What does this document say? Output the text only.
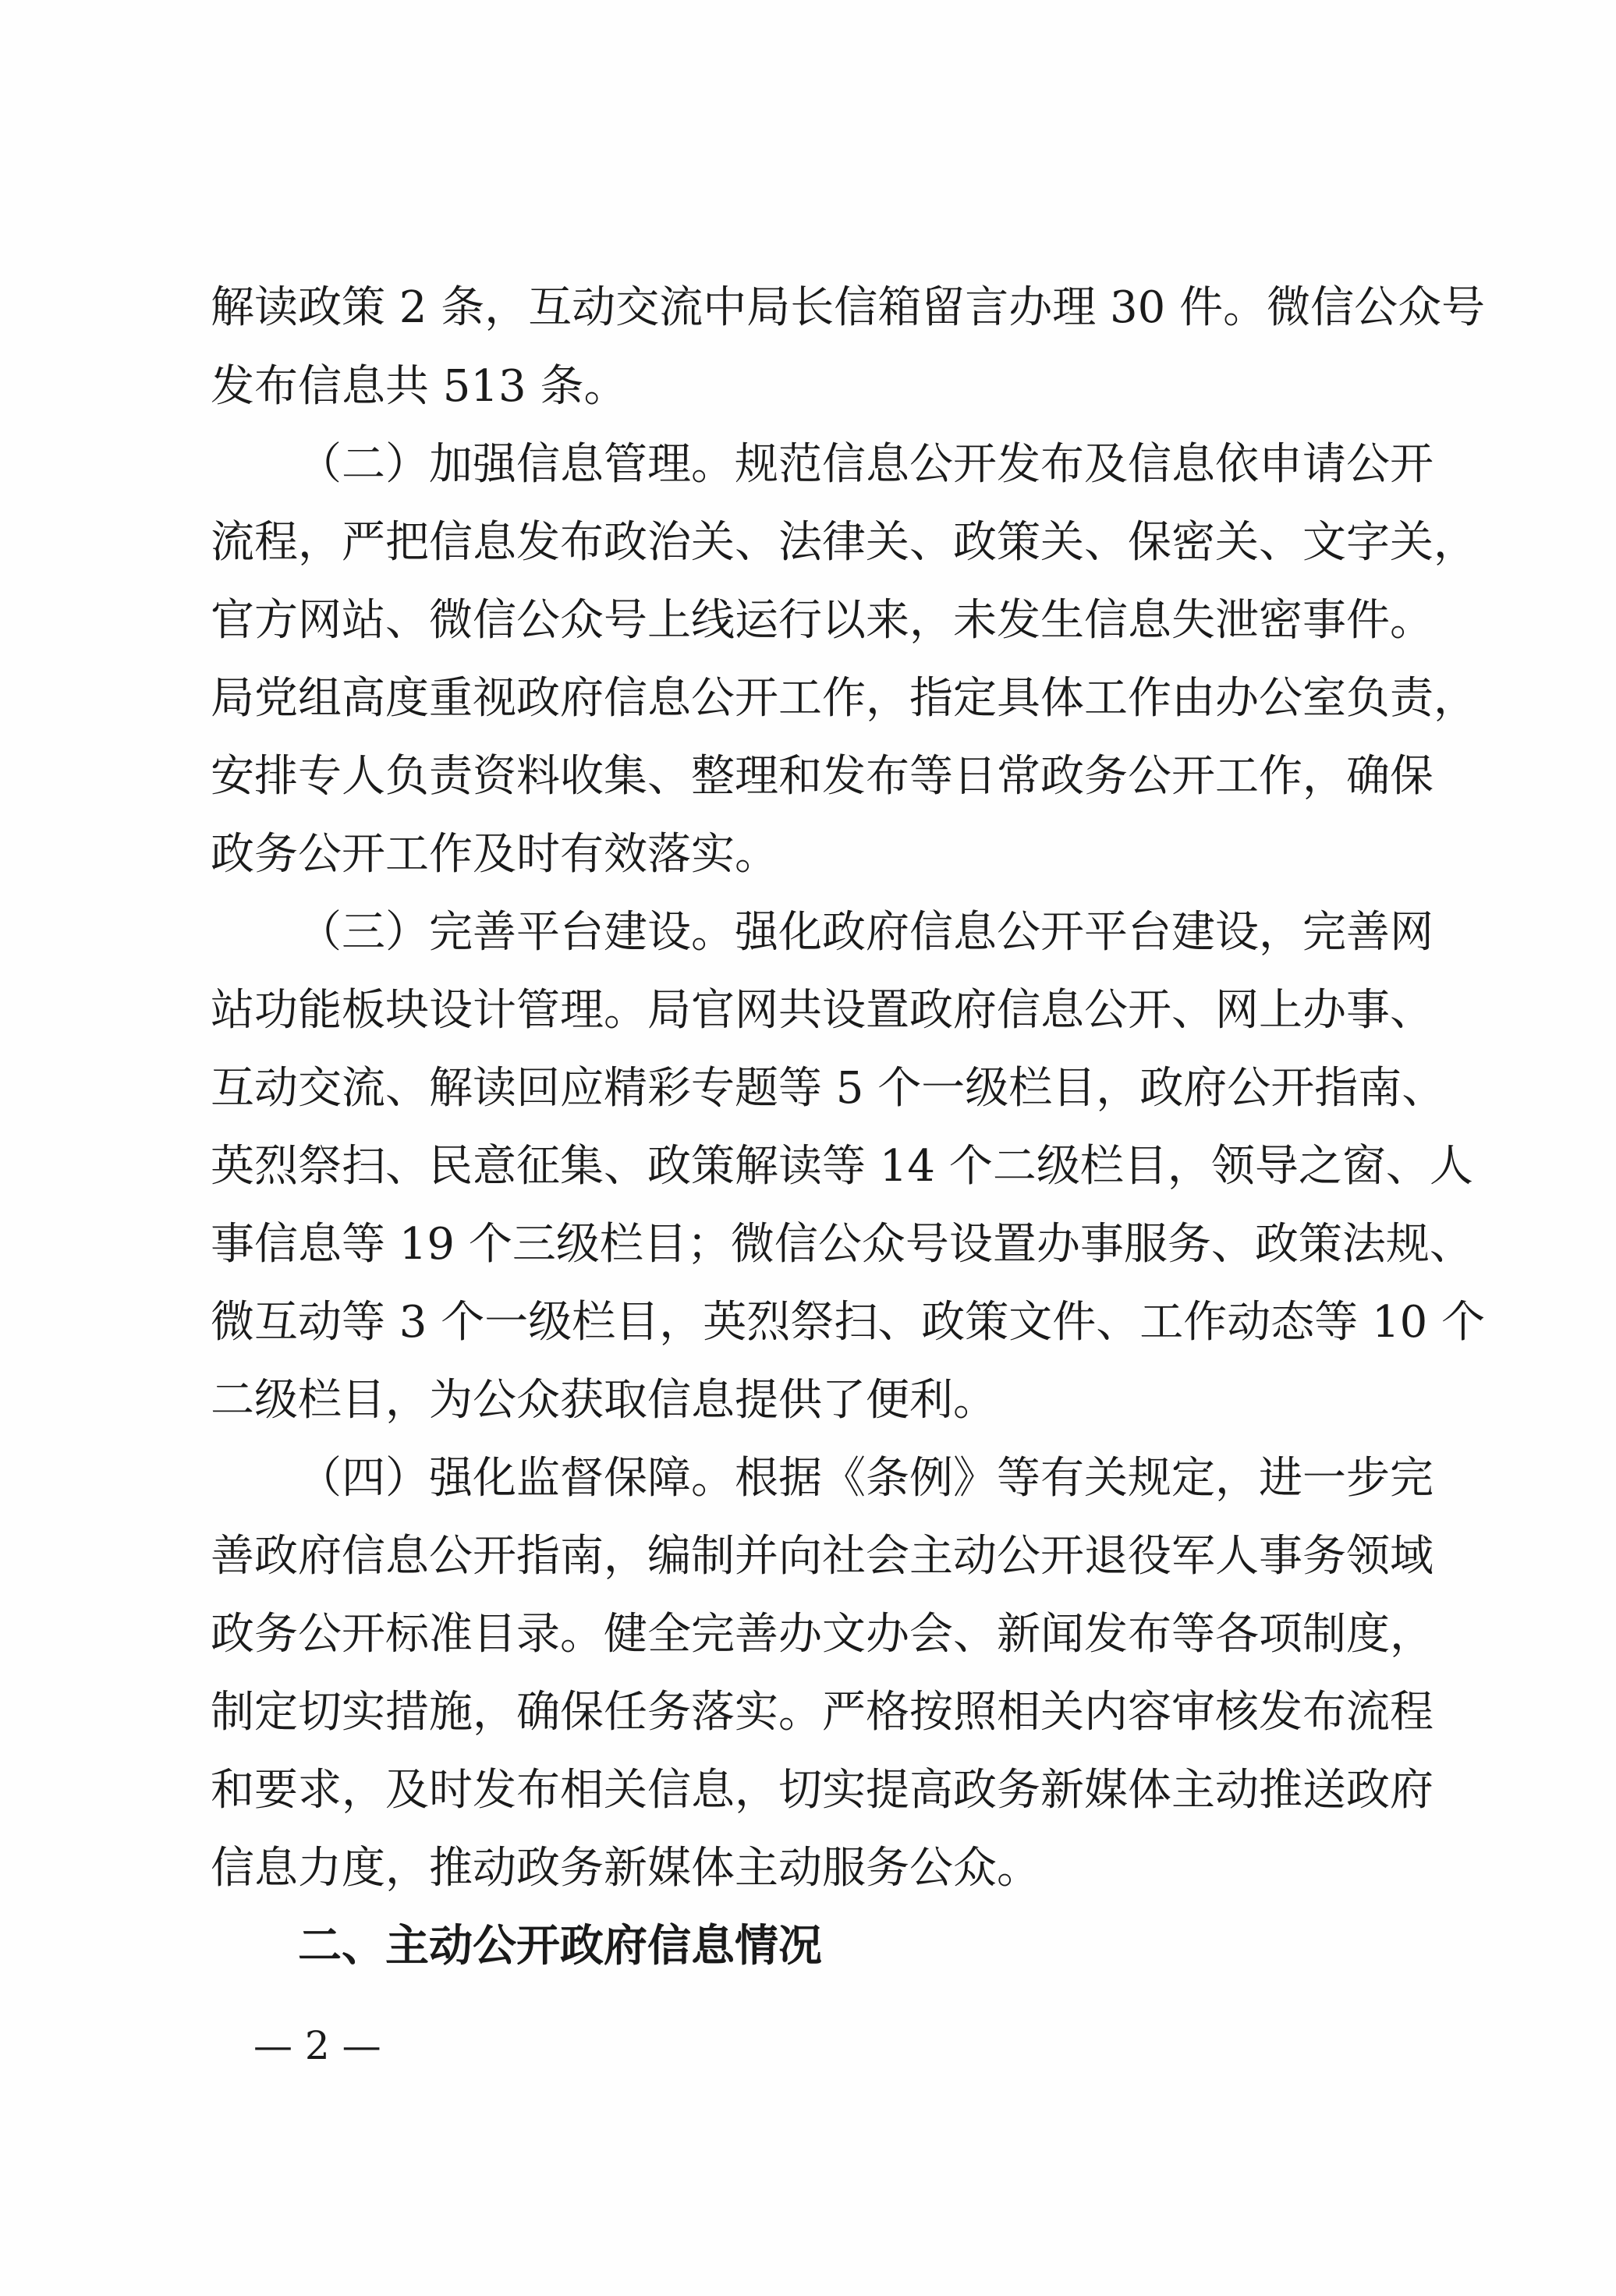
解读政策 2 条，互动交流中局长信箱留言办理 30 件。微信公众号
发布信息共 513 条。
（二）加强信息管理。规范信息公开发布及信息依申请公开
流程，严把信息发布政治关、法律关、政策关、保密关、文字关，
官方网站、微信公众号上线运行以来，未发生信息失泄密事件。
局党组高度重视政府信息公开工作，指定具体工作由办公室负责，
安排专人负责资料收集、整理和发布等日常政务公开工作，确保
政务公开工作及时有效落实。
（三）完善平台建设。强化政府信息公开平台建设，完善网
站功能板块设计管理。局官网共设置政府信息公开、网上办事、
互动交流、解读回应精彩专题等 5 个一级栏目，政府公开指南、
英烈祭扫、民意征集、政策解读等 14 个二级栏目，领导之窗、人
事信息等 19 个三级栏目；微信公众号设置办事服务、政策法规、
微互动等 3 个一级栏目，英烈祭扫、政策文件、工作动态等 10 个
二级栏目，为公众获取信息提供了便利。
（四）强化监督保障。根据《条例》等有关规定，进一步完
善政府信息公开指南，编制并向社会主动公开退役军人事务领域
政务公开标准目录。健全完善办文办会、新闻发布等各项制度，
制定切实措施，确保任务落实。严格按照相关内容审核发布流程
和要求，及时发布相关信息，切实提高政务新媒体主动推送政府
信息力度，推动政务新媒体主动服务公众。
二、主动公开政府信息情况
— 2 —
